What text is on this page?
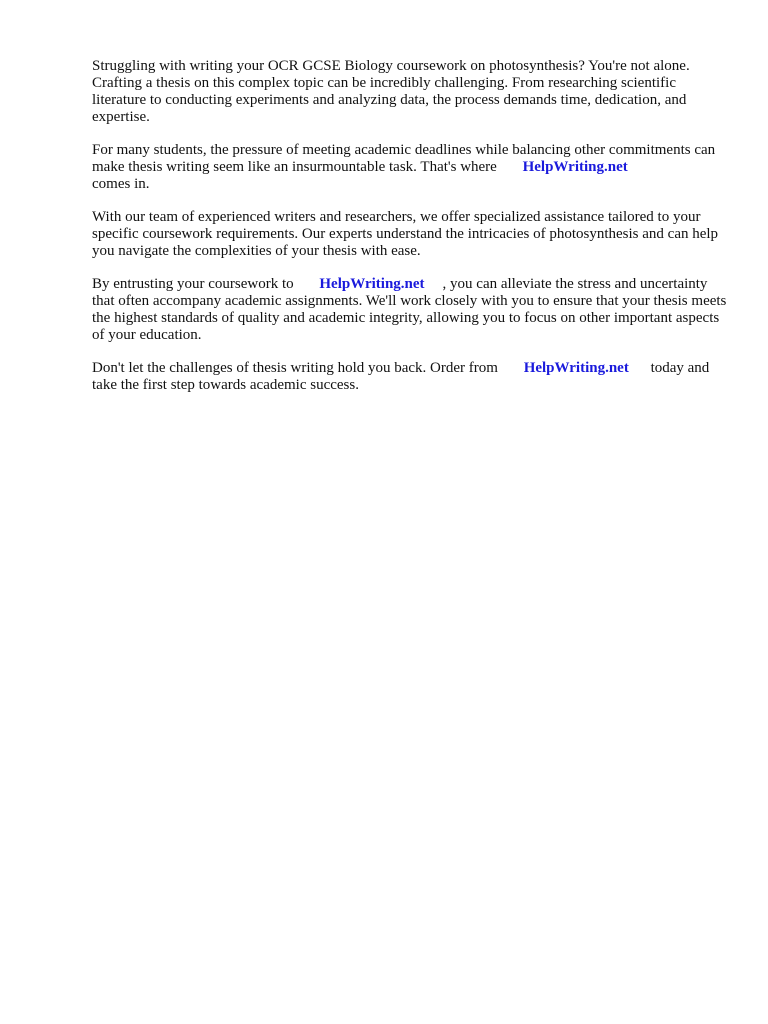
Struggling with writing your OCR GCSE Biology coursework on photosynthesis? You're not alone. Crafting a thesis on this complex topic can be incredibly challenging. From researching scientific literature to conducting experiments and analyzing data, the process demands time, dedication, and expertise.

For many students, the pressure of meeting academic deadlines while balancing other commitments can make thesis writing seem like an insurmountable task. That's where HelpWriting.net
comes in.

With our team of experienced writers and researchers, we offer specialized assistance tailored to your specific coursework requirements. Our experts understand the intricacies of photosynthesis and can help you navigate the complexities of your thesis with ease.

By entrusting your coursework to HelpWriting.net , you can alleviate the stress and uncertainty that often accompany academic assignments. We'll work closely with you to ensure that your thesis meets the highest standards of quality and academic integrity, allowing you to focus on other important aspects of your education.

Don't let the challenges of thesis writing hold you back. Order from HelpWriting.net today and take the first step towards academic success.
